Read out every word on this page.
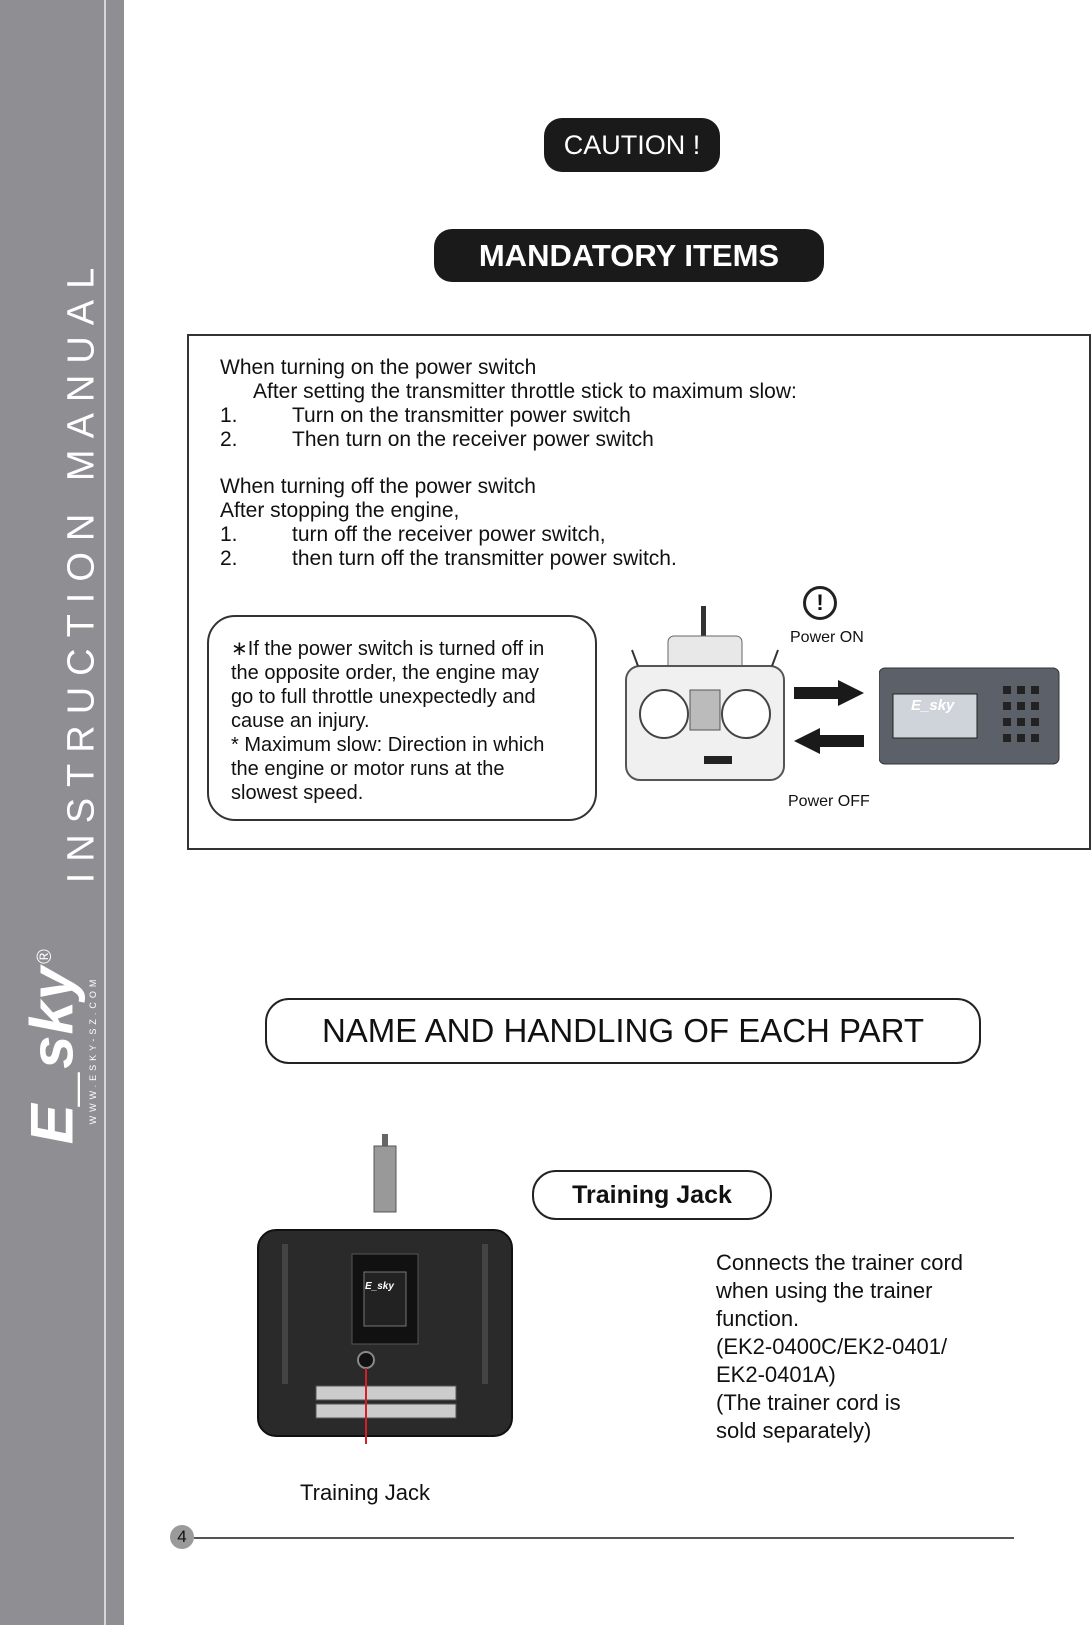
INSTRUCTION MANUAL
E_sky
®
WWW.ESKY-SZ.COM
CAUTION !
MANDATORY ITEMS
When turning on the power switch
After setting the transmitter throttle stick to maximum slow:
1.	Turn on the transmitter power switch
2.	Then turn on the receiver power switch
When turning off the power switch
After stopping the engine,
1.	turn off the receiver power switch,
2.	then turn off the transmitter power switch.

∗If the power switch is turned off in

the opposite order, the engine may

go to full throttle unexpectedly and

cause an injury.

* Maximum slow: Direction in which

the engine or motor runs at the

slowest speed.

!
Power ON
Power OFF
E_sky
NAME AND HANDLING OF EACH PART
E_sky
Training Jack
Connects the trainer cord
when using the trainer
function.
(EK2-0400C/EK2-0401/
EK2-0401A)
(The trainer cord is
sold separately)
Training Jack
4
